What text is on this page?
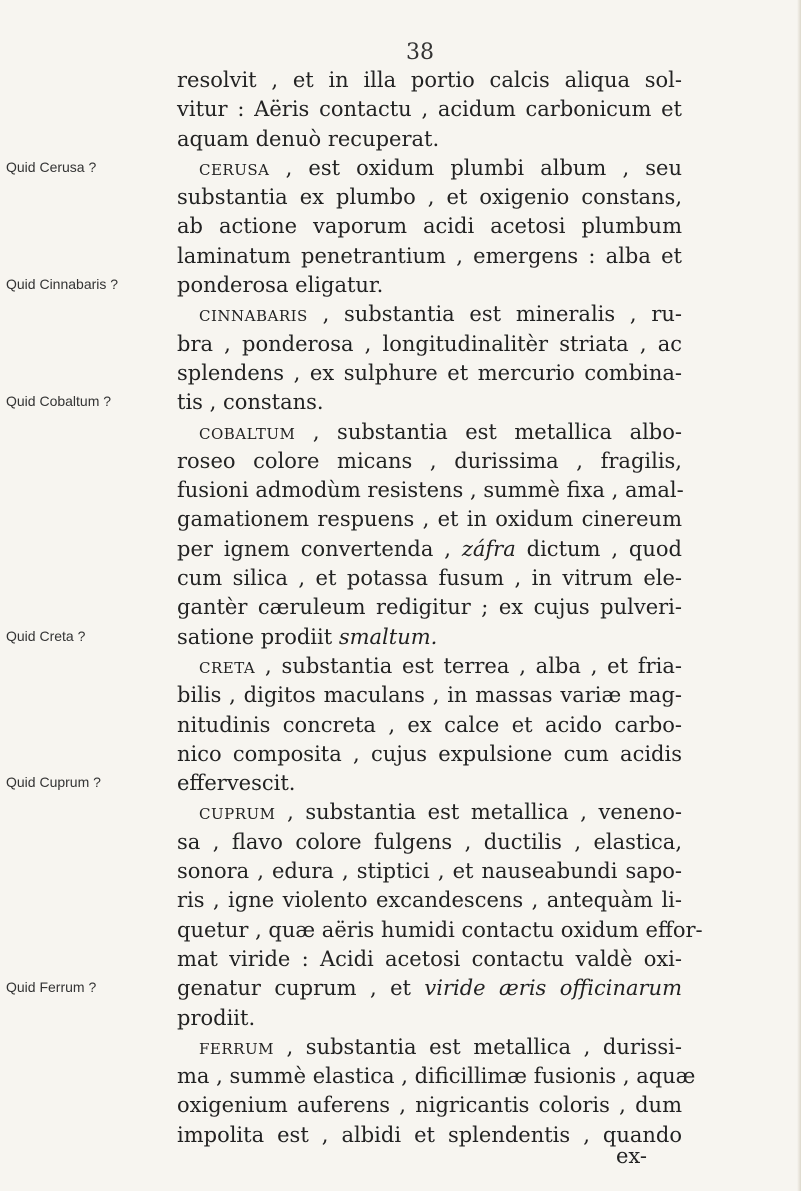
38
Quid Cerusa ?
Quid Cinnabaris ?
Quid Cobaltum ?
Quid Creta ?
Quid Cuprum ?
Quid Ferrum ?
resolvit , et in illa portio calcis aliqua sol-
vitur : Aëris contactu , acidum carbonicum et
aquam denuò recuperat.
cerusa , est oxidum plumbi album , seu
substantia ex plumbo , et oxigenio constans,
ab actione vaporum acidi acetosi plumbum
laminatum penetrantium , emergens : alba et
ponderosa eligatur.
cinnabaris , substantia est mineralis , ru-
bra , ponderosa , longitudinalitèr striata , ac
splendens , ex sulphure et mercurio combina-
tis , constans.
cobaltum , substantia est metallica albo-
roseo colore micans , durissima , fragilis,
fusioni admodùm resistens , summè fixa , amal-
gamationem respuens , et in oxidum cinereum
per ignem convertenda , záfra dictum , quod
cum silica , et potassa fusum , in vitrum ele-
gantèr cæruleum redigitur ; ex cujus pulveri-
satione prodiit smaltum.
creta , substantia est terrea , alba , et fria-
bilis , digitos maculans , in massas variæ mag-
nitudinis concreta , ex calce et acido carbo-
nico composita , cujus expulsione cum acidis
effervescit.
cuprum , substantia est metallica , veneno-
sa , flavo colore fulgens , ductilis , elastica,
sonora , edura , stiptici , et nauseabundi sapo-
ris , igne violento excandescens , antequàm li-
quetur , quæ aëris humidi contactu oxidum effor-
mat viride : Acidi acetosi contactu valdè oxi-
genatur cuprum , et viride æris officinarum
prodiit.
ferrum , substantia est metallica , durissi-
ma , summè elastica , dificillimæ fusionis , aquæ
oxigenium auferens , nigricantis coloris , dum
impolita est , albidi et splendentis , quando
ex-
